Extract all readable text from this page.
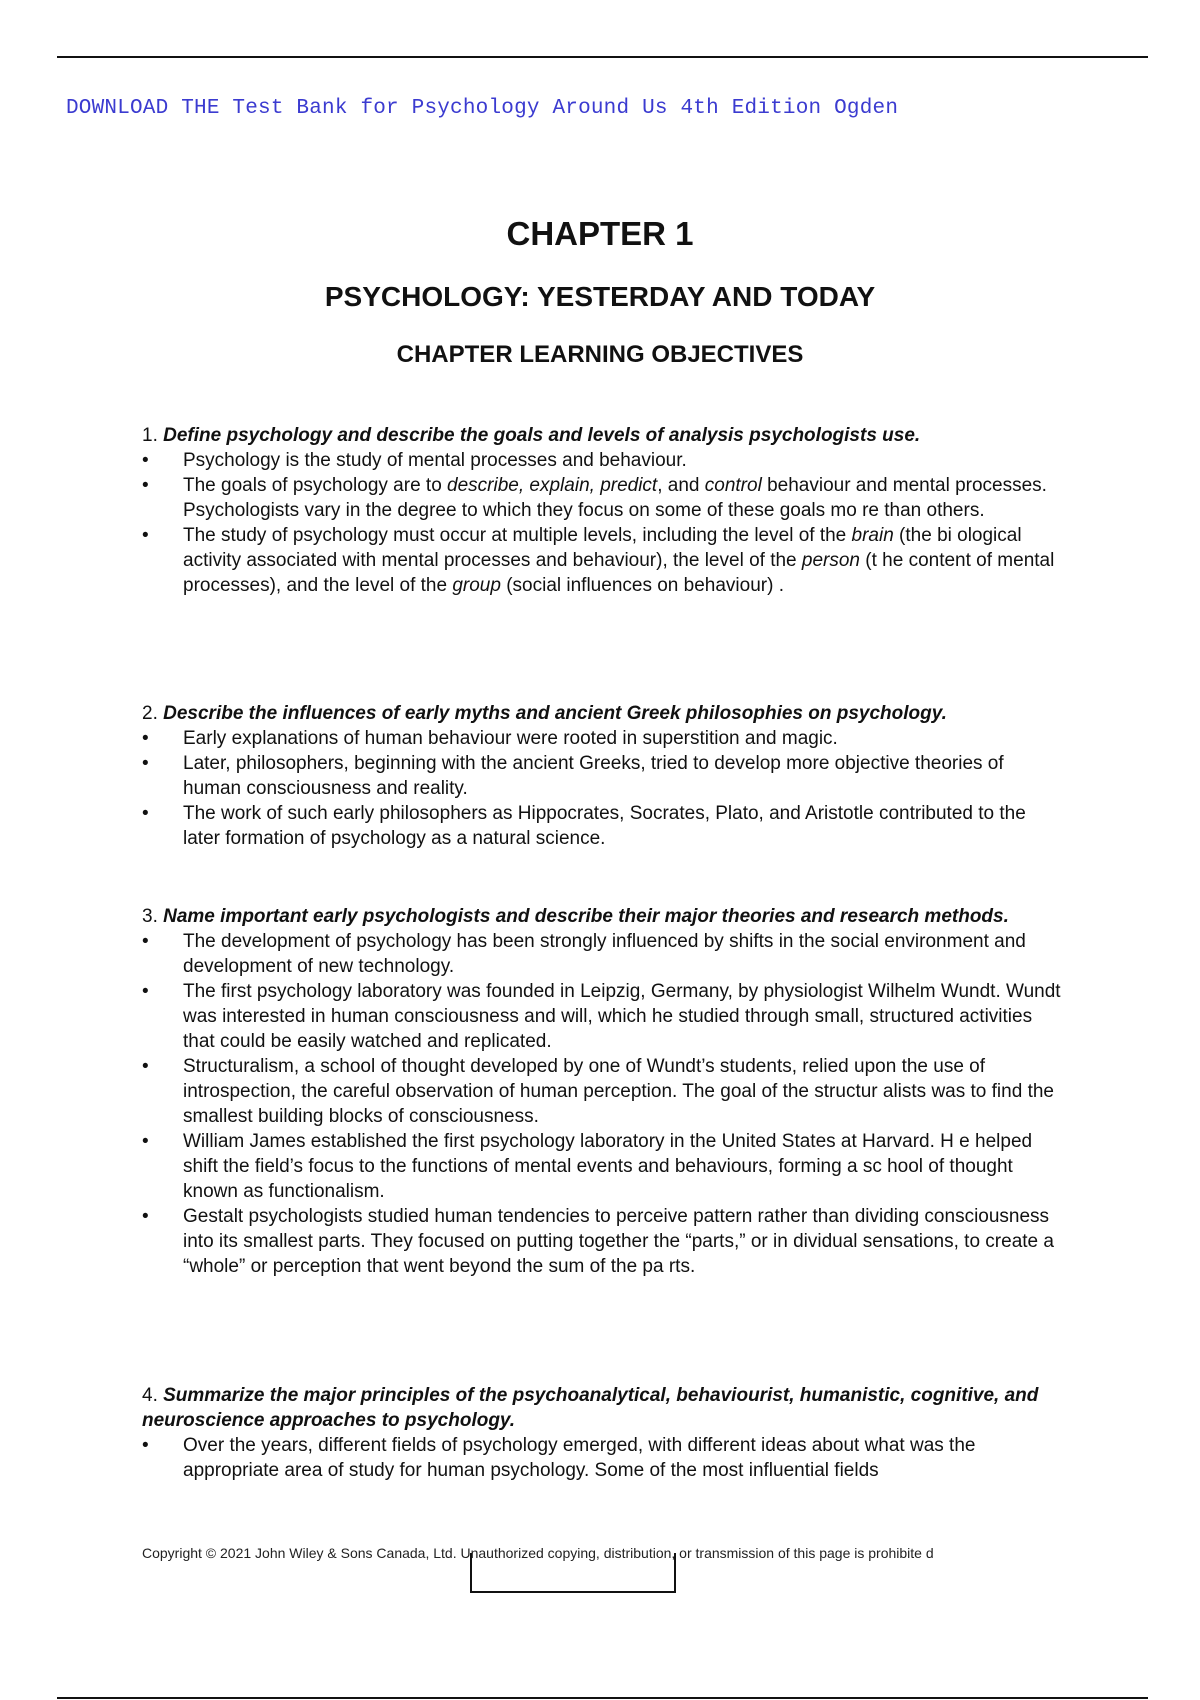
DOWNLOAD THE Test Bank for Psychology Around Us 4th Edition Ogden
CHAPTER 1
PSYCHOLOGY: YESTERDAY AND TODAY
CHAPTER LEARNING OBJECTIVES
1. Define psychology and describe the goals and levels of analysis psychologists use.
• Psychology is the study of mental processes and behaviour.
• The goals of psychology are to describe, explain, predict, and control behaviour and mental processes. Psychologists vary in the degree to which they focus on some of these goals mo re than others.
• The study of psychology must occur at multiple levels, including the level of the brain (the bi ological activity associated with mental processes and behaviour), the level of the person (t he content of mental processes), and the level of the group (social influences on behaviour) .
2. Describe the influences of early myths and ancient Greek philosophies on psychology.
• Early explanations of human behaviour were rooted in superstition and magic.
• Later, philosophers, beginning with the ancient Greeks, tried to develop more objective theories of human consciousness and reality.
• The work of such early philosophers as Hippocrates, Socrates, Plato, and Aristotle contributed to the later formation of psychology as a natural science.
3. Name important early psychologists and describe their major theories and research methods.
• The development of psychology has been strongly influenced by shifts in the social environment and development of new technology.
• The first psychology laboratory was founded in Leipzig, Germany, by physiologist Wilhelm Wundt. Wundt was interested in human consciousness and will, which he studied through small, structured activities that could be easily watched and replicated.
• Structuralism, a school of thought developed by one of Wundt’s students, relied upon the use of introspection, the careful observation of human perception. The goal of the structur alists was to find the smallest building blocks of consciousness.
• William James established the first psychology laboratory in the United States at Harvard. H e helped shift the field’s focus to the functions of mental events and behaviours, forming a sc hool of thought known as functionalism.
• Gestalt psychologists studied human tendencies to perceive pattern rather than dividing consciousness into its smallest parts. They focused on putting together the “parts,” or in dividual sensations, to create a “whole” or perception that went beyond the sum of the pa rts.
4. Summarize the major principles of the psychoanalytical, behaviourist, humanistic, cognitive, and neuroscience approaches to psychology.
• Over the years, different fields of psychology emerged, with different ideas about what was the appropriate area of study for human psychology. Some of the most influential fields
Copyright © 2021 John Wiley & Sons Canada, Ltd. Unauthorized copying, distribution, or transmission of this page is prohibite d
